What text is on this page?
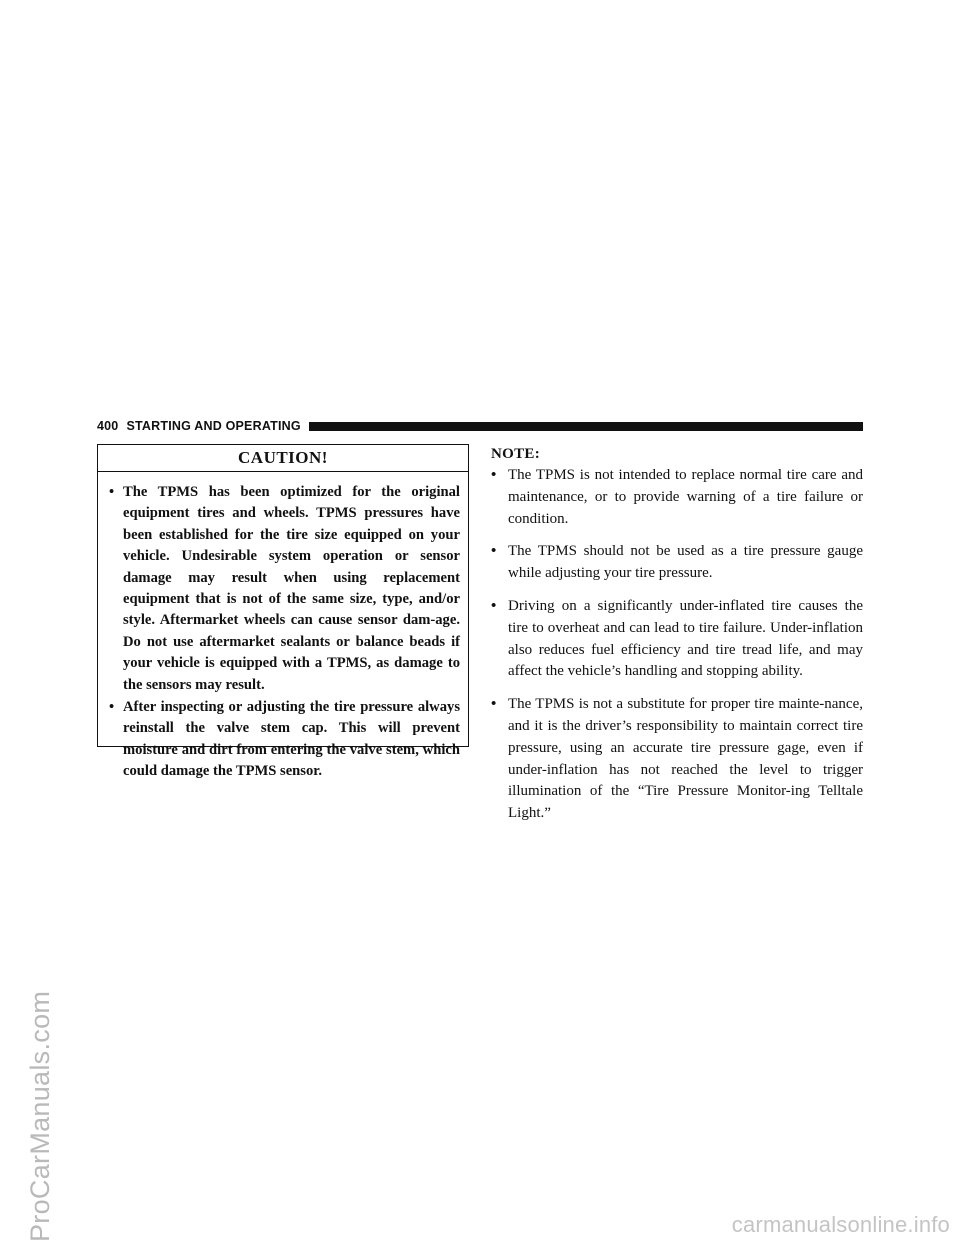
ProCarManuals.com
400 STARTING AND OPERATING
CAUTION!
• The TPMS has been optimized for the original equipment tires and wheels. TPMS pressures have been established for the tire size equipped on your vehicle. Undesirable system operation or sensor damage may result when using replacement equipment that is not of the same size, type, and/or style. Aftermarket wheels can cause sensor dam-age. Do not use aftermarket sealants or balance beads if your vehicle is equipped with a TPMS, as damage to the sensors may result.
• After inspecting or adjusting the tire pressure always reinstall the valve stem cap. This will prevent moisture and dirt from entering the valve stem, which could damage the TPMS sensor.
NOTE:
• The TPMS is not intended to replace normal tire care and maintenance, or to provide warning of a tire failure or condition.
• The TPMS should not be used as a tire pressure gauge while adjusting your tire pressure.
• Driving on a significantly under-inflated tire causes the tire to overheat and can lead to tire failure. Under-inflation also reduces fuel efficiency and tire tread life, and may affect the vehicle’s handling and stopping ability.
• The TPMS is not a substitute for proper tire mainte-nance, and it is the driver’s responsibility to maintain correct tire pressure, using an accurate tire pressure gage, even if under-inflation has not reached the level to trigger illumination of the “Tire Pressure Monitor-ing Telltale Light.”
carmanualsonline.info
